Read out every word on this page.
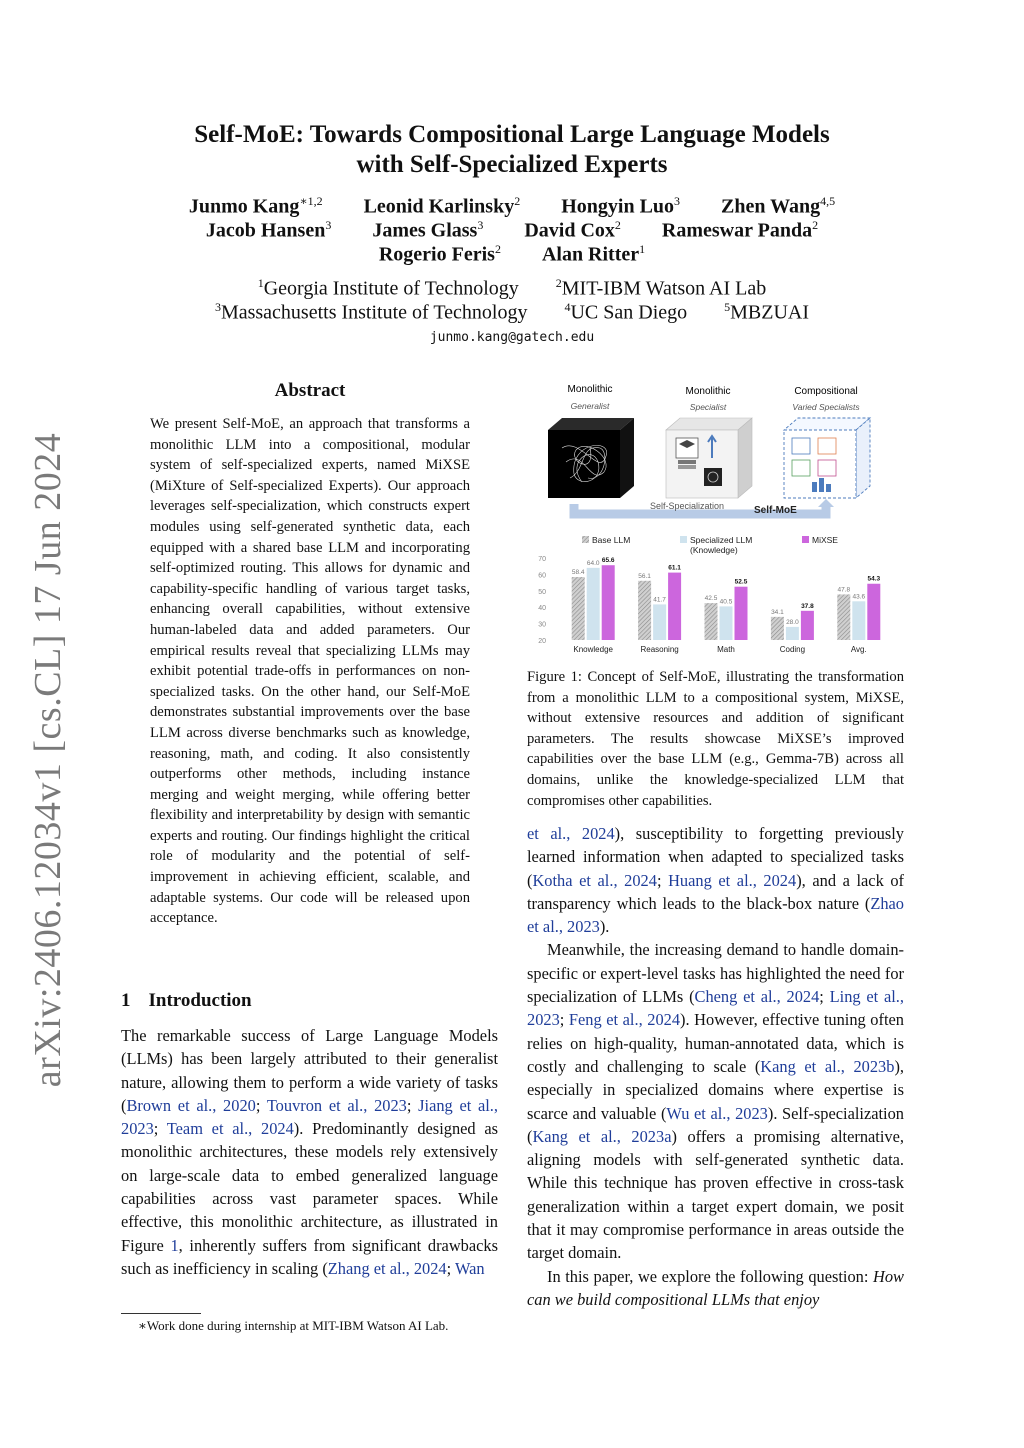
arXiv:2406.12034v1 [cs.CL] 17 Jun 2024
Self-MoE: Towards Compositional Large Language Models
with Self-Specialized Experts
Junmo Kang$^{∗1,2}$ Leonid Karlinsky$^2$ Hongyin Luo$^3$ Zhen Wang$^{4,5}$
Jacob Hansen$^3$ James Glass$^3$ David Cox$^2$ Rameswar Panda$^2$
Rogerio Feris$^2$ Alan Ritter$^1$
$^1$Georgia Institute of Technology	$^2$MIT-IBM Watson AI Lab
$^3$Massachusetts Institute of Technology	$^4$UC San Diego	$^5$MBZUAI
junmo.kang@gatech.edu
Abstract
We present Self-MoE, an approach that transforms a monolithic LLM into a compositional, modular system of self-specialized experts, named MiXSE (MiXture of Self-specialized Experts). Our approach leverages self-specialization, which constructs expert modules using self-generated synthetic data, each equipped with a shared base LLM and incorporating self-optimized routing. This allows for dynamic and capability-specific handling of various target tasks, enhancing overall capabilities, without extensive human-labeled data and added parameters. Our empirical results reveal that specializing LLMs may exhibit potential trade-offs in performances on non-specialized tasks. On the other hand, our Self-MoE demonstrates substantial improvements over the base LLM across diverse benchmarks such as knowledge, reasoning, math, and coding. It also consistently outperforms other methods, including instance merging and weight merging, while offering better flexibility and interpretability by design with semantic experts and routing. Our findings highlight the critical role of modularity and the potential of self-improvement in achieving efficient, scalable, and adaptable systems. Our code will be released upon acceptance.
1 Introduction

The remarkable success of Large Language Models (LLMs) has been largely attributed to their generalist nature, allowing them to perform a wide variety of tasks (Brown et al., 2020; Touvron et al., 2023; Jiang et al., 2023; Team et al., 2024). Predominantly designed as monolithic architectures, these models rely extensively on large-scale data to embed generalized language capabilities across vast parameter spaces. While effective, this monolithic architecture, as illustrated in Figure 1, inherently suffers from significant drawbacks such as inefficiency in scaling (Zhang et al., 2024; Wan

et al., 2024), susceptibility to forgetting previously learned information when adapted to specialized tasks (Kotha et al., 2024; Huang et al., 2024), and a lack of transparency which leads to the black-box nature (Zhao et al., 2023).

Meanwhile, the increasing demand to handle domain-specific or expert-level tasks has highlighted the need for specialization of LLMs (Cheng et al., 2024; Ling et al., 2023; Feng et al., 2024). However, effective tuning often relies on high-quality, human-annotated data, which is costly and challenging to scale (Kang et al., 2023b), especially in specialized domains where expertise is scarce and valuable (Wu et al., 2023). Self-specialization (Kang et al., 2023a) offers a promising alternative, aligning models with self-generated synthetic data. While this technique has proven effective in cross-task generalization within a target expert domain, we posit that it may compromise performance in areas outside the target domain.

In this paper, we explore the following question: How can we build compositional LLMs that enjoy

∗Work done during internship at MIT-IBM Watson AI Lab.
Monolithic
Generalist
Monolithic
Specialist
Compositional
Varied Specialists
Self-Specialization	Self-MoE
Base LLM	Specialized LLM
(Knowledge)
MiXSE
20
30
40
50
60
70
58.4
64.0 65.6
Knowledge
56.1
41.7
61.1
Reasoning
42.5 40.5
52.5
Math
34.1
28.0
37.8
Coding
47.8
43.6
54.3
Avg.
Figure 1: Concept of Self-MoE, illustrating the transformation from a monolithic LLM to a compositional system, MiXSE, without extensive resources and addition of significant parameters. The results showcase MiXSE’s improved capabilities over the base LLM (e.g., Gemma-7B) across all domains, unlike the knowledge-specialized LLM that compromises other capabilities.
